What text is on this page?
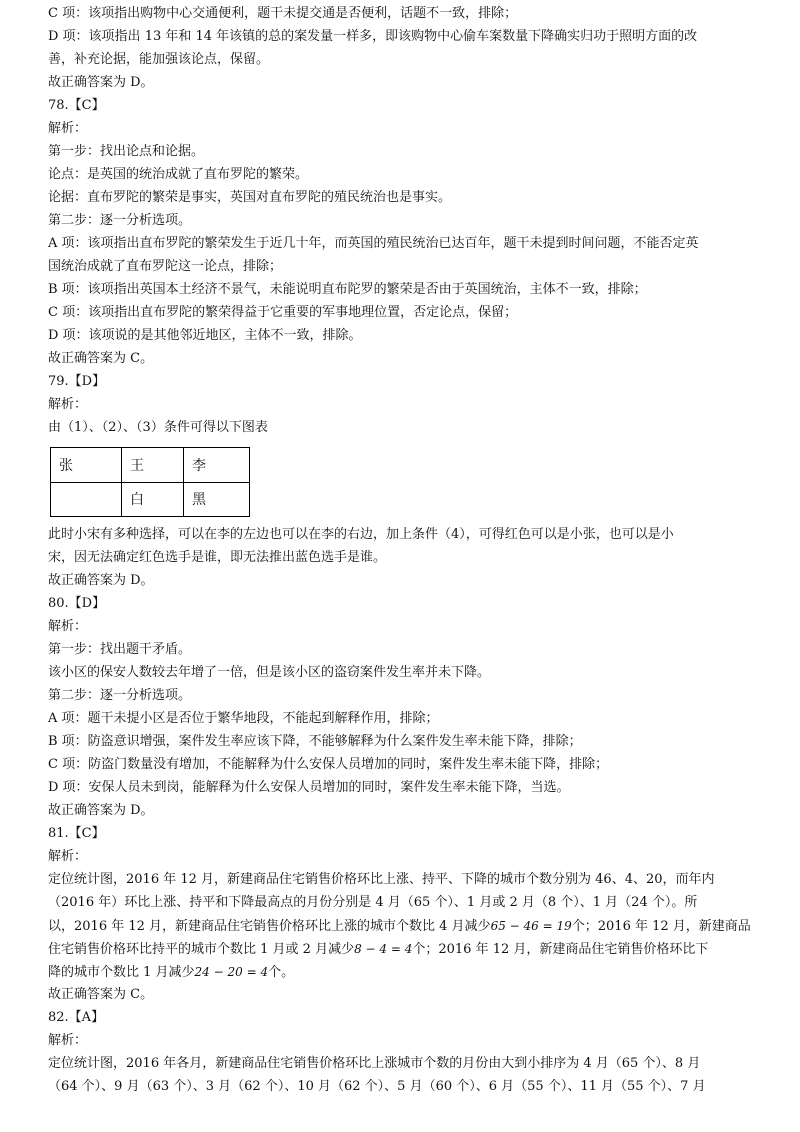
C 项：该项指出购物中心交通便利，题干未提交通是否便利，话题不一致，排除；
D 项：该项指出 13 年和 14 年该镇的总的案发量一样多，即该购物中心偷车案数量下降确实归功于照明方面的改
善，补充论据，能加强该论点，保留。
故正确答案为 D。
78.【C】
解析：
第一步：找出论点和论据。
论点：是英国的统治成就了直布罗陀的繁荣。
论据：直布罗陀的繁荣是事实，英国对直布罗陀的殖民统治也是事实。
第二步：逐一分析选项。
A 项：该项指出直布罗陀的繁荣发生于近几十年，而英国的殖民统治已达百年，题干未提到时间问题，不能否定英
国统治成就了直布罗陀这一论点，排除；
B 项：该项指出英国本土经济不景气，未能说明直布陀罗的繁荣是否由于英国统治，主体不一致，排除；
C 项：该项指出直布罗陀的繁荣得益于它重要的军事地理位置，否定论点，保留；
D 项：该项说的是其他邻近地区，主体不一致，排除。
故正确答案为 C。
79.【D】
解析：
由（1）、（2）、（3）条件可得以下图表
张	王	李
	白	黑
此时小宋有多种选择，可以在李的左边也可以在李的右边，加上条件（4），可得红色可以是小张，也可以是小
宋，因无法确定红色选手是谁，即无法推出蓝色选手是谁。
故正确答案为 D。
80.【D】
解析：
第一步：找出题干矛盾。
该小区的保安人数较去年增了一倍，但是该小区的盗窃案件发生率并未下降。
第二步：逐一分析选项。
A 项：题干未提小区是否位于繁华地段，不能起到解释作用，排除；
B 项：防盗意识增强，案件发生率应该下降，不能够解释为什么案件发生率未能下降，排除；
C 项：防盗门数量没有增加，不能解释为什么安保人员增加的同时，案件发生率未能下降，排除；
D 项：安保人员未到岗，能解释为什么安保人员增加的同时，案件发生率未能下降，当选。
故正确答案为 D。
81.【C】
解析：
定位统计图，2016 年 12 月，新建商品住宅销售价格环比上涨、持平、下降的城市个数分别为 46、4、20，而年内
（2016 年）环比上涨、持平和下降最高点的月份分别是 4 月（65 个）、1 月或 2 月（8 个）、1 月（24 个）。所
以，2016 年 12 月，新建商品住宅销售价格环比上涨的城市个数比 4 月减少65 − 46 = 19个；2016 年 12 月，新建商品
住宅销售价格环比持平的城市个数比 1 月或 2 月减少8 − 4 = 4个；2016 年 12 月，新建商品住宅销售价格环比下
降的城市个数比 1 月减少24 − 20 = 4个。
故正确答案为 C。
82.【A】
解析：
定位统计图，2016 年各月，新建商品住宅销售价格环比上涨城市个数的月份由大到小排序为 4 月（65 个）、8 月
（64 个）、9 月（63 个）、3 月（62 个）、10 月（62 个）、5 月（60 个）、6 月（55 个）、11 月（55 个）、7 月
